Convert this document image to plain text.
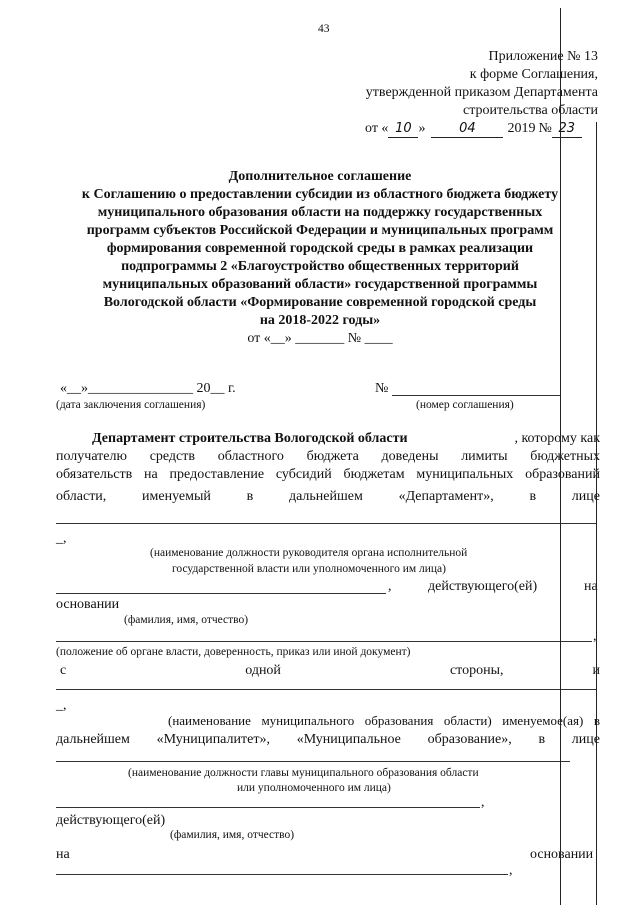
43
Приложение № 13
к форме Соглашения,
утвержденной приказом Департамента
строительства области
от « 10 »	04 2019 № 23
Дополнительное соглашение
к Соглашению о предоставлении субсидии из областного бюджета бюджету
муниципального образования области на поддержку государственных
программ субъектов Российской Федерации и муниципальных программ
формирования современной городской среды в рамках реализации
подпрограммы 2 «Благоустройство общественных территорий
муниципальных образований области» государственной программы
Вологодской области «Формирование современной городской среды
на 2018-2022 годы»
от «__» _______ № ____
«__»_______________ 20__ г.	№
(дата заключения соглашения)	(номер соглашения)
Департамент строительства Вологодской области	, которому как
получателю средств областного бюджета доведены лимиты бюджетных
обязательств на предоставление субсидий бюджетам муниципальных образований
области,	именуемый	в	дальнейшем	«Департамент»,	в	лице
_,
(наименование должности руководителя органа исполнительной
государственной власти или уполномоченного им лица)
,	действующего(ей)	на
основании
(фамилия, имя, отчество)
,
(положение об органе власти, доверенность, приказ или иной документ)
с	одной	стороны,	и
_,
(наименование муниципального образования области) именуемое(ая) в
дальнейшем «Муниципалитет», «Муниципальное образование», в лице
(наименование должности главы муниципального образования области
или уполномоченного им лица)
,
действующего(ей)
(фамилия, имя, отчество)
на	основании
,
